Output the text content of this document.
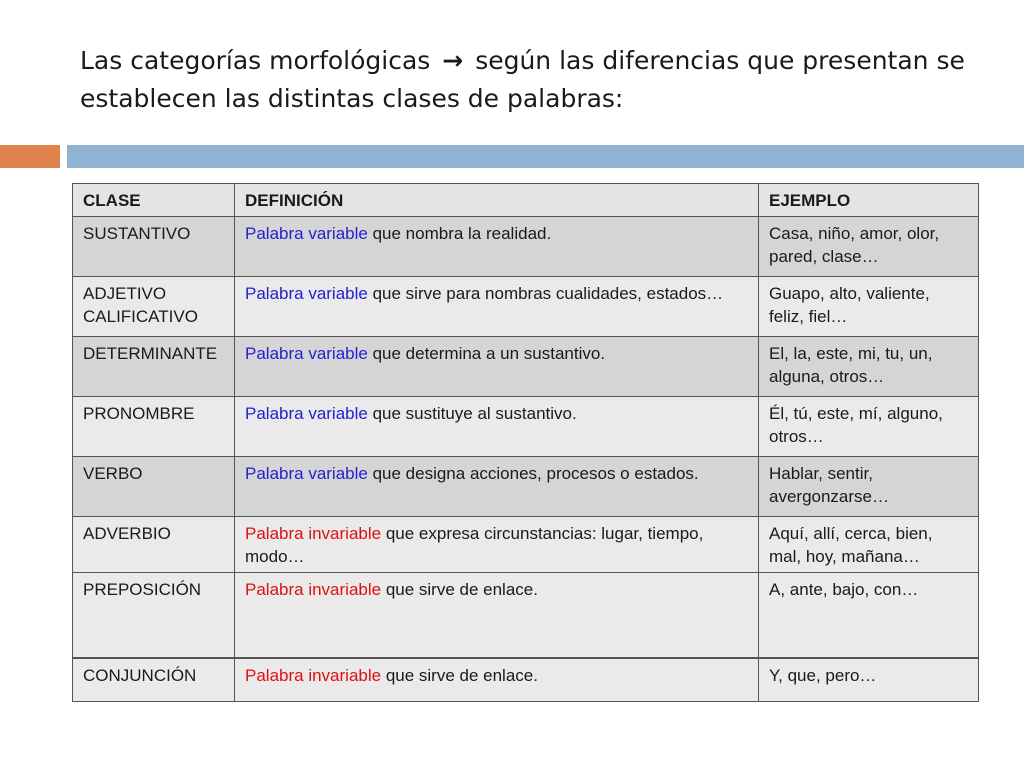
Las categorías morfológicas → según las diferencias que presentan se establecen las distintas clases de palabras:
CLASE	DEFINICIÓN	EJEMPLO
SUSTANTIVO	Palabra variable que nombra la realidad.	Casa, niño, amor, olor, pared, clase…
ADJETIVO CALIFICATIVO	Palabra variable que sirve para nombras cualidades, estados…	Guapo, alto, valiente, feliz, fiel…
DETERMINANTE	Palabra variable que determina a un sustantivo.	El, la, este, mi, tu, un, alguna, otros…
PRONOMBRE	Palabra variable que sustituye al sustantivo.	Él, tú, este, mí, alguno, otros…
VERBO	Palabra variable que designa acciones, procesos o estados.	Hablar, sentir, avergonzarse…
ADVERBIO	Palabra invariable que expresa circunstancias: lugar, tiempo, modo…	Aquí, allí, cerca, bien, mal, hoy, mañana…
PREPOSICIÓN	Palabra invariable que sirve de enlace.	A, ante, bajo, con…
CONJUNCIÓN	Palabra invariable que sirve de enlace.	Y, que, pero…
